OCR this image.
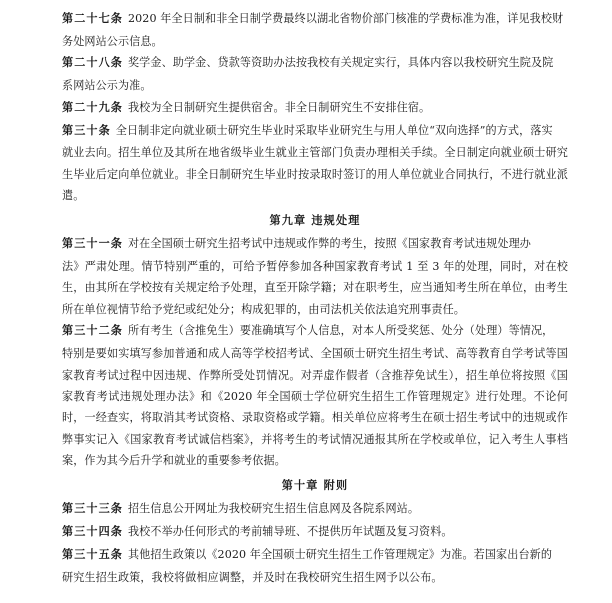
第二十七条 2020 年全日制和非全日制学费最终以湖北省物价部门核准的学费标准为准，详见我校财

务处网站公示信息。

第二十八条 奖学金、助学金、贷款等资助办法按我校有关规定实行，具体内容以我校研究生院及院

系网站公示为准。

第二十九条 我校为全日制研究生提供宿舍。非全日制研究生不安排住宿。

第三十条 全日制非定向就业硕士研究生毕业时采取毕业研究生与用人单位“双向选择”的方式，落实

就业去向。招生单位及其所在地省级毕业生就业主管部门负责办理相关手续。全日制定向就业硕士研究生毕业后定向单位就业。非全日制研究生毕业时按录取时签订的用人单位就业合同执行，不进行就业派遣。

第九章 违规处理

第三十一条 对在全国硕士研究生招考试中违规或作弊的考生，按照《国家教育考试违规处理办

法》严肃处理。情节特别严重的，可给予暂停参加各种国家教育考试 1 至 3 年的处理，同时，对在校生，由其所在学校按有关规定给予处理，直至开除学籍；对在职考生，应当通知考生所在单位，由考生所在单位视情节给予党纪或纪处分；构成犯罪的，由司法机关依法追究刑事责任。

第三十二条 所有考生（含推免生）要准确填写个人信息，对本人所受奖惩、处分（处理）等情况，

特别是要如实填写参加普通和成人高等学校招考试、全国硕士研究生招生考试、高等教育自学考试等国家教育考试过程中因违规、作弊所受处罚情况。对弄虚作假者（含推荐免试生），招生单位将按照《国家教育考试违规处理办法》和《2020 年全国硕士学位研究生招生工作管理规定》进行处理。不论何时，一经查实，将取消其考试资格、录取资格或学籍。相关单位应将考生在硕士招生考试中的违规或作弊事实记入《国家教育考试诚信档案》，并将考生的考试情况通报其所在学校或单位，记入考生人事档案，作为其今后升学和就业的重要参考依据。

第十章 附则

第三十三条 招生信息公开网址为我校研究生招生信息网及各院系网站。

第三十四条 我校不举办任何形式的考前辅导班、不提供历年试题及复习资料。

第三十五条 其他招生政策以《2020 年全国硕士研究生招生工作管理规定》为准。若国家出台新的

研究生招生政策，我校将做相应调整，并及时在我校研究生招生网予以公布。
